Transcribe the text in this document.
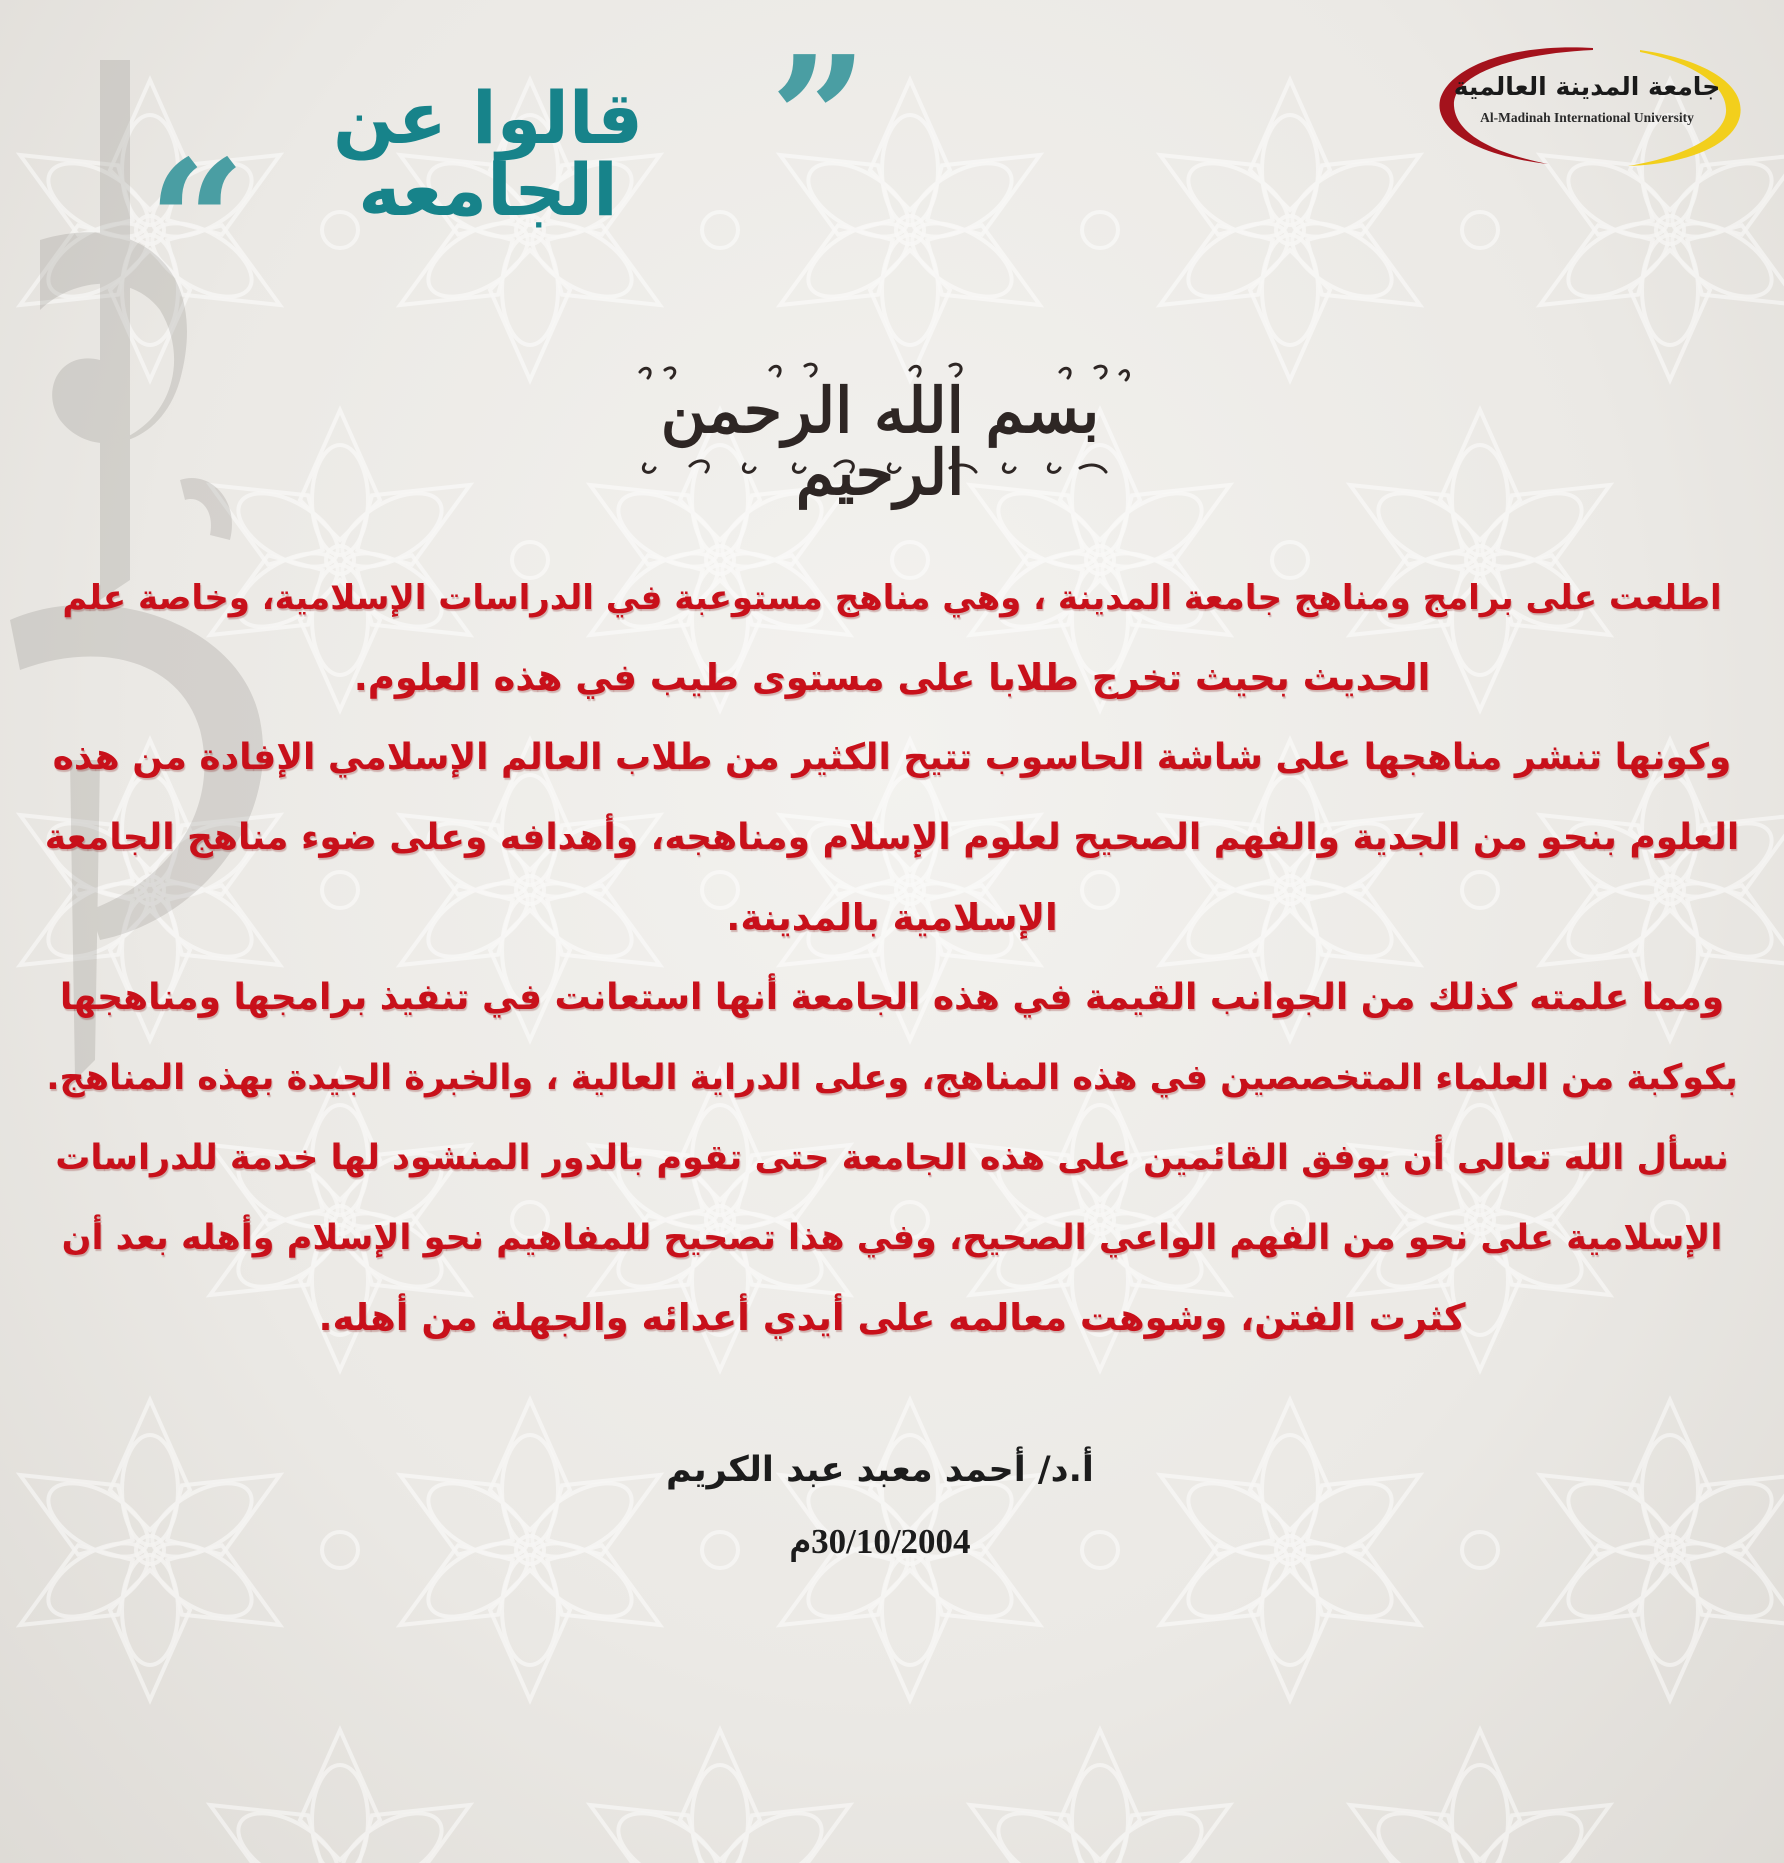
”
“
قالوا عن الجامعه
جامعة المدينة العالمية
Al-Madinah International University
بسم الله الرحمن الرحيم
اطلعت على برامج ومناهج جامعة المدينة ، وهي مناهج مستوعبة في الدراسات الإسلامية، وخاصة علم
الحديث بحيث تخرج طلابا على مستوى طيب في هذه العلوم.
وكونها تنشر مناهجها على شاشة الحاسوب تتيح الكثير من طلاب العالم الإسلامي الإفادة من هذه
العلوم بنحو من الجدية والفهم الصحيح لعلوم الإسلام ومناهجه، وأهدافه وعلى ضوء مناهج الجامعة
الإسلامية بالمدينة.
ومما علمته كذلك من الجوانب القيمة في هذه الجامعة أنها استعانت في تنفيذ برامجها ومناهجها
بكوكبة من العلماء المتخصصين في هذه المناهج، وعلى الدراية العالية ، والخبرة الجيدة بهذه المناهج.
نسأل الله تعالى أن يوفق القائمين على هذه الجامعة حتى تقوم بالدور المنشود لها خدمة للدراسات
الإسلامية على نحو من الفهم الواعي الصحيح، وفي هذا تصحيح للمفاهيم نحو الإسلام وأهله بعد أن
كثرت الفتن، وشوهت معالمه على أيدي أعدائه والجهلة من أهله.
أ.د/ أحمد معبد عبد الكريم
30/10/2004م
